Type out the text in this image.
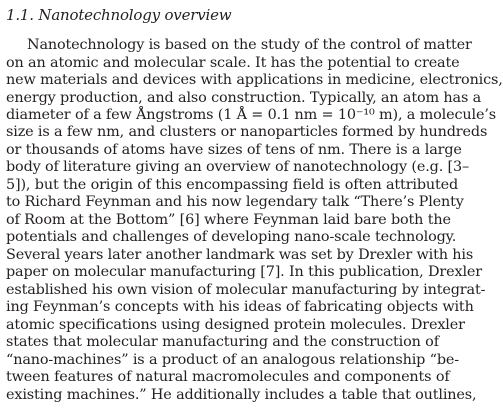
1.1. Nanotechnology overview
Nanotechnology is based on the study of the control of matter
on an atomic and molecular scale. It has the potential to create
new materials and devices with applications in medicine, electronics,
energy production, and also construction. Typically, an atom has a
diameter of a few Ångstroms (1 Å = 0.1 nm = 10⁻¹⁰ m), a molecule’s
size is a few nm, and clusters or nanoparticles formed by hundreds
or thousands of atoms have sizes of tens of nm. There is a large
body of literature giving an overview of nanotechnology (e.g. [3–
5]), but the origin of this encompassing field is often attributed
to Richard Feynman and his now legendary talk “There’s Plenty
of Room at the Bottom” [6] where Feynman laid bare both the
potentials and challenges of developing nano-scale technology.
Several years later another landmark was set by Drexler with his
paper on molecular manufacturing [7]. In this publication, Drexler
established his own vision of molecular manufacturing by integrat-
ing Feynman’s concepts with his ideas of fabricating objects with
atomic specifications using designed protein molecules. Drexler
states that molecular manufacturing and the construction of
“nano-machines” is a product of an analogous relationship “be-
tween features of natural macromolecules and components of
existing machines.” He additionally includes a table that outlines,
